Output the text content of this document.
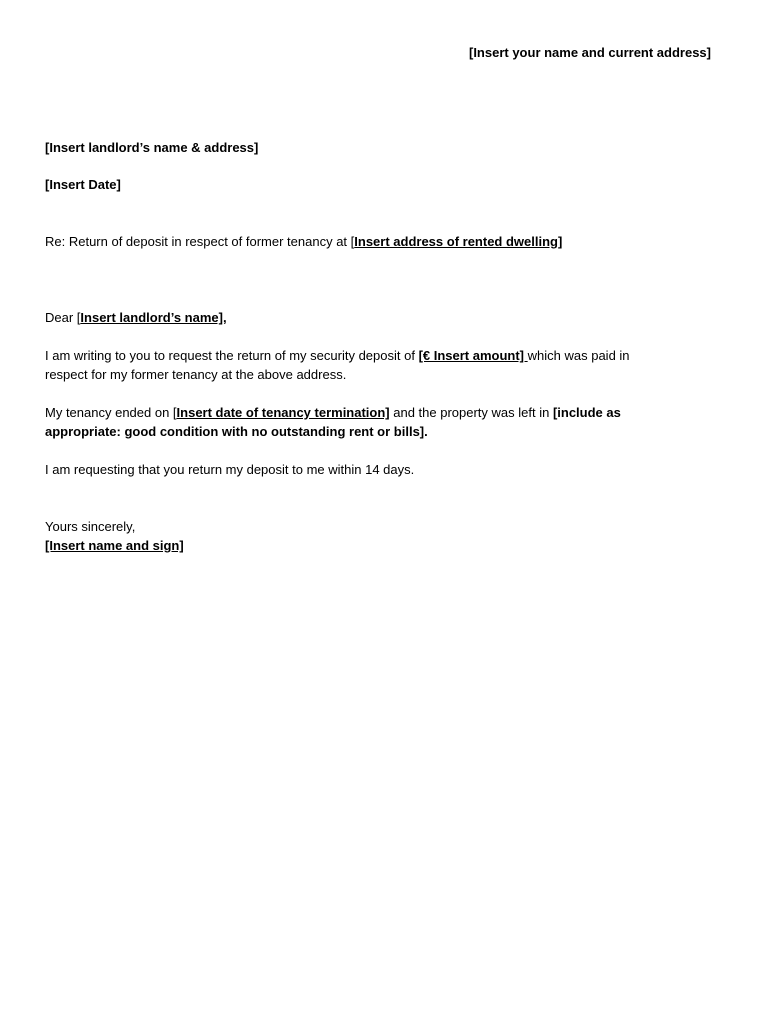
[Insert your name and current address]
[Insert landlord’s name & address]
[Insert Date]
Re: Return of deposit in respect of former tenancy at [Insert address of rented dwelling]
Dear [Insert landlord’s name],
I am writing to you to request the return of my security deposit of [€ Insert amount] which was paid in
respect for my former tenancy at the above address.
My tenancy ended on [Insert date of tenancy termination] and the property was left in [include as
appropriate: good condition with no outstanding rent or bills].
I am requesting that you return my deposit to me within 14 days.
Yours sincerely,
[Insert name and sign]
